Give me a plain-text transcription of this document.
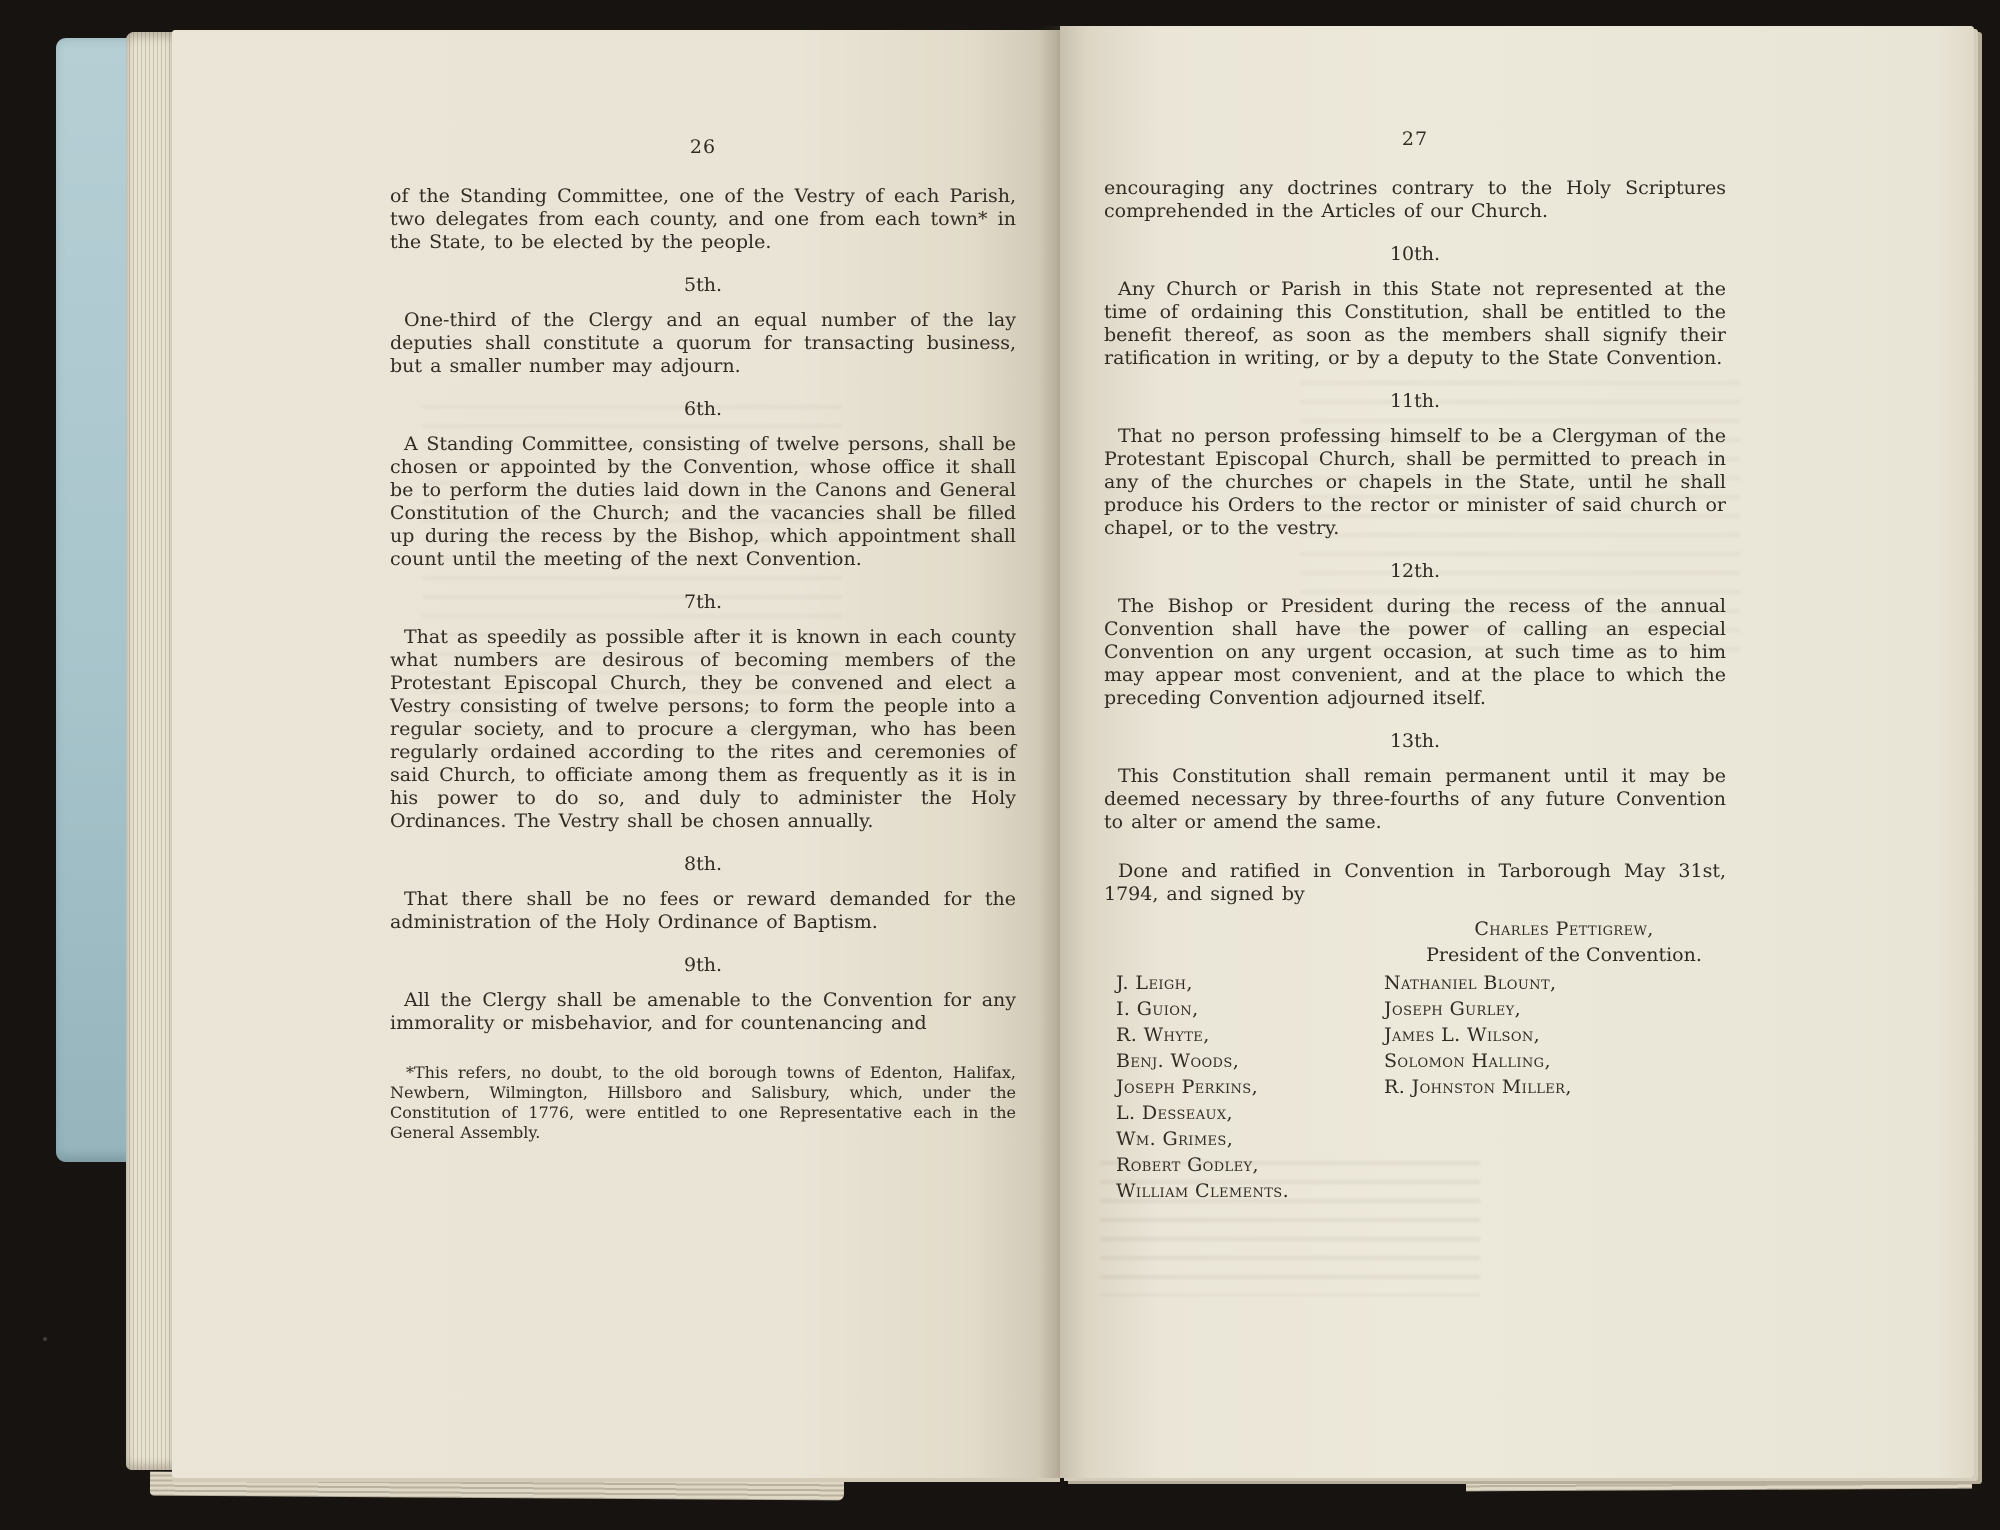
26

of the Standing Committee, one of the Vestry of each Parish, two delegates from each county, and one from each town* in the State, to be elected by the people.

5th.

One-third of the Clergy and an equal number of the lay deputies shall constitute a quorum for transacting business, but a smaller number may adjourn.

6th.

A Standing Committee, consisting of twelve persons, shall be chosen or appointed by the Convention, whose office it shall be to perform the duties laid down in the Canons and General Constitution of the Church; and the vacancies shall be filled up during the recess by the Bishop, which appointment shall count until the meeting of the next Convention.

7th.

That as speedily as possible after it is known in each county what numbers are desirous of becoming members of the Protestant Episcopal Church, they be convened and elect a Vestry consisting of twelve persons; to form the people into a regular society, and to procure a clergyman, who has been regularly ordained according to the rites and ceremonies of said Church, to officiate among them as frequently as it is in his power to do so, and duly to administer the Holy Ordinances. The Vestry shall be chosen annually.

8th.

That there shall be no fees or reward demanded for the administration of the Holy Ordinance of Baptism.

9th.

All the Clergy shall be amenable to the Convention for any immorality or misbehavior, and for countenancing and

*This refers, no doubt, to the old borough towns of Edenton, Halifax, Newbern, Wilmington, Hillsboro and Salisbury, which, under the Constitution of 1776, were entitled to one Representative each in the General Assembly.

27

encouraging any doctrines contrary to the Holy Scriptures comprehended in the Articles of our Church.

10th.

Any Church or Parish in this State not represented at the time of ordaining this Constitution, shall be entitled to the benefit thereof, as soon as the members shall signify their ratification in writing, or by a deputy to the State Convention.

11th.

That no person professing himself to be a Clergyman of the Protestant Episcopal Church, shall be permitted to preach in any of the churches or chapels in the State, until he shall produce his Orders to the rector or minister of said church or chapel, or to the vestry.

12th.

The Bishop or President during the recess of the annual Convention shall have the power of calling an especial Convention on any urgent occasion, at such time as to him may appear most convenient, and at the place to which the preceding Convention adjourned itself.

13th.

This Constitution shall remain permanent until it may be deemed necessary by three-fourths of any future Convention to alter or amend the same.

Done and ratified in Convention in Tarborough May 31st, 1794, and signed by

Charles Pettigrew,
President of the Convention.
J. Leigh,
I. Guion,
R. Whyte,
Benj. Woods,
Joseph Perkins,
L. Desseaux,
Wm. Grimes,
Robert Godley,
William Clements.
Nathaniel Blount,
Joseph Gurley,
James L. Wilson,
Solomon Halling,
R. Johnston Miller,
